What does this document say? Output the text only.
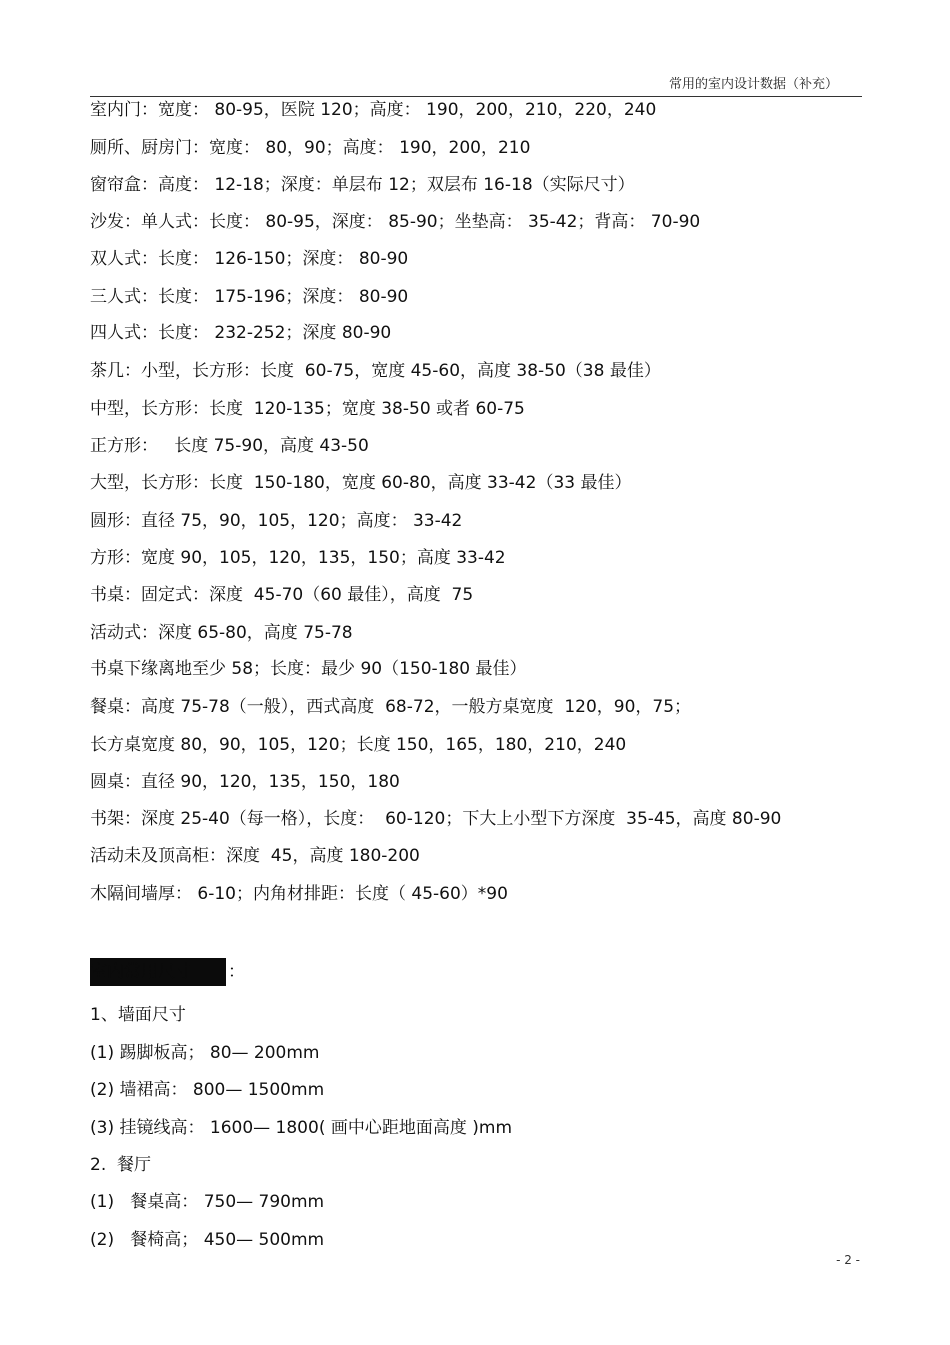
常用的室内设计数据（补充）
室内门：宽度： 80-95，医院 120；高度： 190，200，210，220，240
厕所、厨房门：宽度： 80，90；高度： 190，200，210
窗帘盒：高度： 12-18；深度：单层布 12；双层布 16-18（实际尺寸）
沙发：单人式：长度： 80-95，深度： 85-90；坐垫高： 35-42；背高： 70-90
双人式：长度： 126-150；深度： 80-90
三人式：长度： 175-196；深度： 80-90
四人式：长度： 232-252；深度 80-90
茶几：小型，长方形：长度  60-75，宽度 45-60，高度 38-50（38 最佳）
中型，长方形：长度  120-135；宽度 38-50 或者 60-75
正方形：   长度 75-90，高度 43-50
大型，长方形：长度  150-180，宽度 60-80，高度 33-42（33 最佳）
圆形：直径 75，90，105，120；高度： 33-42
方形：宽度 90，105，120，135，150；高度 33-42
书桌：固定式：深度  45-70（60 最佳），高度  75
活动式：深度 65-80，高度 75-78
书桌下缘离地至少 58；长度：最少 90（150-180 最佳）
餐桌：高度 75-78（一般），西式高度  68-72，一般方桌宽度  120，90，75；
长方桌宽度 80，90，105，120；长度 150，165，180，210，240
圆桌：直径 90，120，135，150，180
书架：深度 25-40（每一格），长度：  60-120；下大上小型下方深度  35-45，高度 80-90
活动未及顶高柜：深度  45，高度 180-200
木隔间墙厚： 6-10；内角材排距：长度（ 45-60）*90
室内常用尺寸 ：
1、墙面尺寸
(1) 踢脚板高； 80— 200mm
(2) 墙裙高： 800— 1500mm
(3) 挂镜线高： 1600— 1800( 画中心距地面高度 )mm
2.  餐厅
(1)   餐桌高： 750— 790mm
(2)   餐椅高； 450— 500mm
- 2 -
